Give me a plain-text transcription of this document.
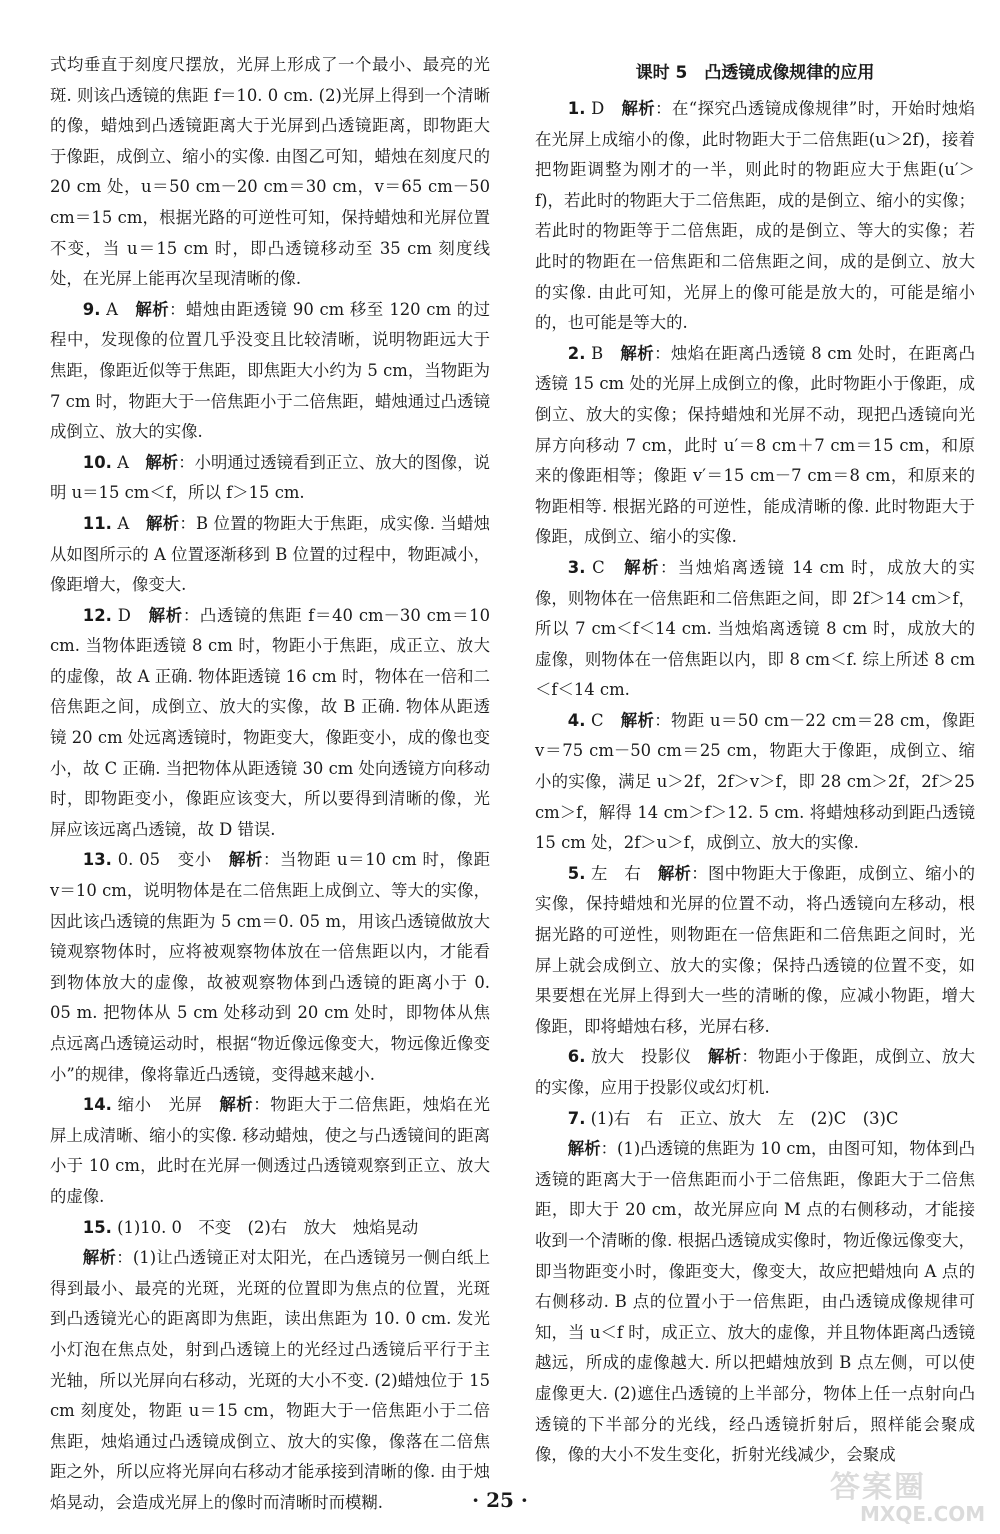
式均垂直于刻度尺摆放，光屏上形成了一个最小、最亮的光斑. 则该凸透镜的焦距 f＝10. 0 cm. (2)光屏上得到一个清晰的像，蜡烛到凸透镜距离大于光屏到凸透镜距离，即物距大于像距，成倒立、缩小的实像. 由图乙可知，蜡烛在刻度尺的 20 cm 处，u＝50 cm－20 cm＝30 cm，v＝65 cm－50 cm＝15 cm，根据光路的可逆性可知，保持蜡烛和光屏位置不变，当 u＝15 cm 时，即凸透镜移动至 35 cm 刻度线处，在光屏上能再次呈现清晰的像.

9. A　 解析：蜡烛由距透镜 90 cm 移至 120 cm 的过程中，发现像的位置几乎没变且比较清晰，说明物距远大于焦距，像距近似等于焦距，即焦距大小约为 5 cm，当物距为 7 cm 时，物距大于一倍焦距小于二倍焦距，蜡烛通过凸透镜成倒立、放大的实像.

10. A　 解析：小明通过透镜看到正立、放大的图像，说明 u＝15 cm＜f，所以 f＞15 cm.

11. A　 解析：B 位置的物距大于焦距，成实像. 当蜡烛从如图所示的 A 位置逐渐移到 B 位置的过程中，物距减小，像距增大，像变大.

12. D　 解析：凸透镜的焦距 f＝40 cm－30 cm＝10 cm. 当物体距透镜 8 cm 时，物距小于焦距，成正立、放大的虚像，故 A 正确. 物体距透镜 16 cm 时，物体在一倍和二倍焦距之间，成倒立、放大的实像，故 B 正确. 物体从距透镜 20 cm 处远离透镜时，物距变大，像距变小，成的像也变小，故 C 正确. 当把物体从距透镜 30 cm 处向透镜方向移动时，即物距变小，像距应该变大，所以要得到清晰的像，光屏应该远离凸透镜，故 D 错误.

13. 0. 05　变小　 解析：当物距 u＝10 cm 时，像距 v＝10 cm，说明物体是在二倍焦距上成倒立、等大的实像，因此该凸透镜的焦距为 5 cm＝0. 05 m，用该凸透镜做放大镜观察物体时，应将被观察物体放在一倍焦距以内，才能看到物体放大的虚像，故被观察物体到凸透镜的距离小于 0. 05 m. 把物体从 5 cm 处移动到 20 cm 处时，即物体从焦点远离凸透镜运动时，根据“物近像远像变大，物远像近像变小”的规律，像将靠近凸透镜，变得越来越小.

14. 缩小　光屏　 解析：物距大于二倍焦距，烛焰在光屏上成清晰、缩小的实像. 移动蜡烛，使之与凸透镜间的距离小于 10 cm，此时在光屏一侧透过凸透镜观察到正立、放大的虚像.

15. (1)10. 0　不变　(2)右　放大　烛焰晃动

解析：(1)让凸透镜正对太阳光，在凸透镜另一侧白纸上得到最小、最亮的光斑，光斑的位置即为焦点的位置，光斑到凸透镜光心的距离即为焦距，读出焦距为 10. 0 cm. 发光小灯泡在焦点处，射到凸透镜上的光经过凸透镜后平行于主光轴，所以光屏向右移动，光斑的大小不变. (2)蜡烛位于 15 cm 刻度处，物距 u＝15 cm，物距大于一倍焦距小于二倍焦距，烛焰通过凸透镜成倒立、放大的实像，像落在二倍焦距之外，所以应将光屏向右移动才能承接到清晰的像. 由于烛焰晃动，会造成光屏上的像时而清晰时而模糊.

课时 5　凸透镜成像规律的应用

1. D　 解析：在“探究凸透镜成像规律”时，开始时烛焰在光屏上成缩小的像，此时物距大于二倍焦距(u＞2f)，接着把物距调整为刚才的一半，则此时的物距应大于焦距(u′＞f)，若此时的物距大于二倍焦距，成的是倒立、缩小的实像；若此时的物距等于二倍焦距，成的是倒立、等大的实像；若此时的物距在一倍焦距和二倍焦距之间，成的是倒立、放大的实像. 由此可知，光屏上的像可能是放大的，可能是缩小的，也可能是等大的.

2. B　 解析：烛焰在距离凸透镜 8 cm 处时，在距离凸透镜 15 cm 处的光屏上成倒立的像，此时物距小于像距，成倒立、放大的实像；保持蜡烛和光屏不动，现把凸透镜向光屏方向移动 7 cm，此时 u′＝8 cm＋7 cm＝15 cm，和原来的像距相等；像距 v′＝15 cm－7 cm＝8 cm，和原来的物距相等. 根据光路的可逆性，能成清晰的像. 此时物距大于像距，成倒立、缩小的实像.

3. C　 解析：当烛焰离透镜 14 cm 时，成放大的实像，则物体在一倍焦距和二倍焦距之间，即 2f＞14 cm＞f，所以 7 cm＜f＜14 cm. 当烛焰离透镜 8 cm 时，成放大的虚像，则物体在一倍焦距以内，即 8 cm＜f. 综上所述 8 cm＜f＜14 cm.

4. C　 解析：物距 u＝50 cm－22 cm＝28 cm，像距 v＝75 cm－50 cm＝25 cm，物距大于像距，成倒立、缩小的实像，满足 u＞2f，2f＞v＞f，即 28 cm＞2f，2f＞25 cm＞f，解得 14 cm＞f＞12. 5 cm. 将蜡烛移动到距凸透镜 15 cm 处，2f＞u＞f，成倒立、放大的实像.

5. 左　右　 解析：图中物距大于像距，成倒立、缩小的实像，保持蜡烛和光屏的位置不动，将凸透镜向左移动，根据光路的可逆性，则物距在一倍焦距和二倍焦距之间时，光屏上就会成倒立、放大的实像；保持凸透镜的位置不变，如果要想在光屏上得到大一些的清晰的像，应减小物距，增大像距，即将蜡烛右移，光屏右移.

6. 放大　投影仪　 解析：物距小于像距，成倒立、放大的实像，应用于投影仪或幻灯机.

7. (1)右　右　正立、放大　左　(2)C　(3)C

解析：(1)凸透镜的焦距为 10 cm，由图可知，物体到凸透镜的距离大于一倍焦距而小于二倍焦距，像距大于二倍焦距，即大于 20 cm，故光屏应向 M 点的右侧移动，才能接收到一个清晰的像. 根据凸透镜成实像时，物近像远像变大，即当物距变小时，像距变大，像变大，故应把蜡烛向 A 点的右侧移动. B 点的位置小于一倍焦距，由凸透镜成像规律可知，当 u＜f 时，成正立、放大的虚像，并且物体距离凸透镜越远，所成的虚像越大. 所以把蜡烛放到 B 点左侧，可以使虚像更大. (2)遮住凸透镜的上半部分，物体上任一点射向凸透镜的下半部分的光线，经凸透镜折射后，照样能会聚成像，像的大小不发生变化，折射光线减少，会聚成

· 25 ·	答案圈
MXQE.COM
